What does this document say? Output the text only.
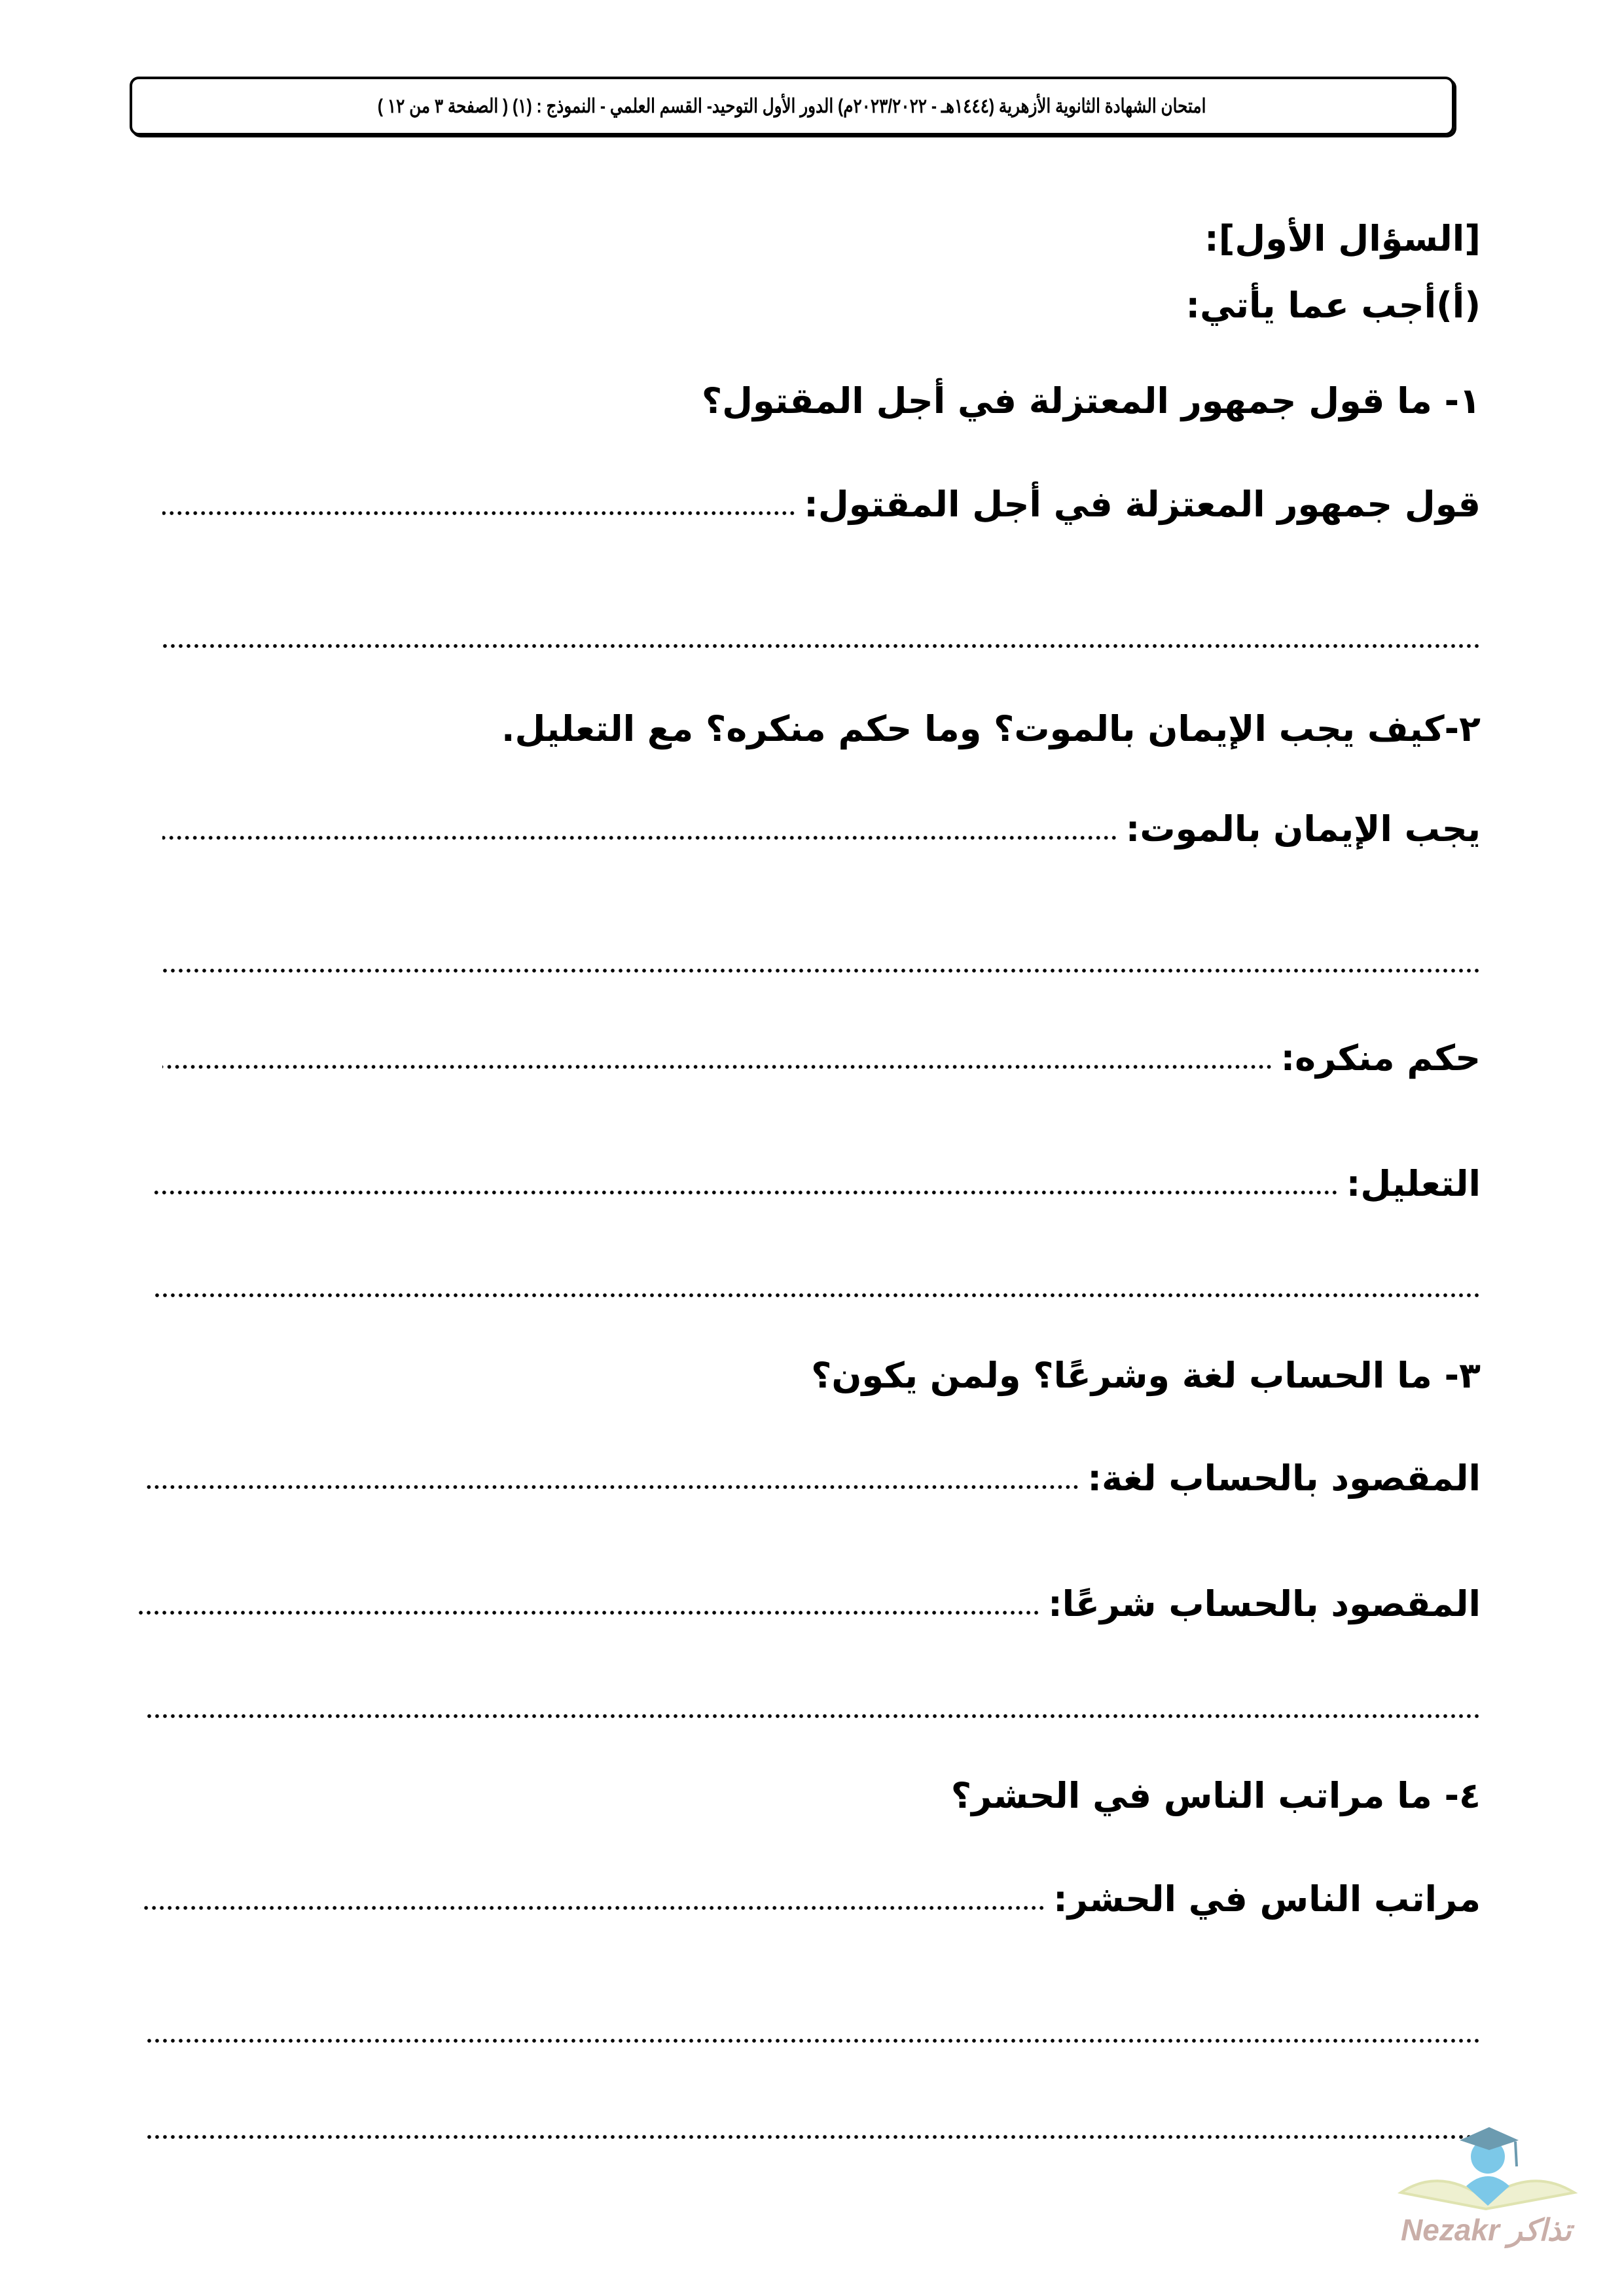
امتحان الشهادة الثانوية الأزهرية (١٤٤٤هـ - ٢٠٢٣/٢٠٢٢م) الدور الأول التوحيد- القسم العلمي - النموذج : (١) ( الصفحة ٣ من ١٢ )
[السؤال الأول]:
(أ)أجب عما يأتي:
١- ما قول جمهور المعتزلة في أجل المقتول؟
قول جمهور المعتزلة في أجل المقتول:
٢-كيف يجب الإيمان بالموت؟ وما حكم منكره؟ مع التعليل.
يجب الإيمان بالموت:
حكم منكره:
التعليل:
٣- ما الحساب لغة وشرعًا؟ ولمن يكون؟
المقصود بالحساب لغة:
المقصود بالحساب شرعًا:
٤- ما مراتب الناس في الحشر؟
مراتب الناس في الحشر:
Nezakr تذاكر
